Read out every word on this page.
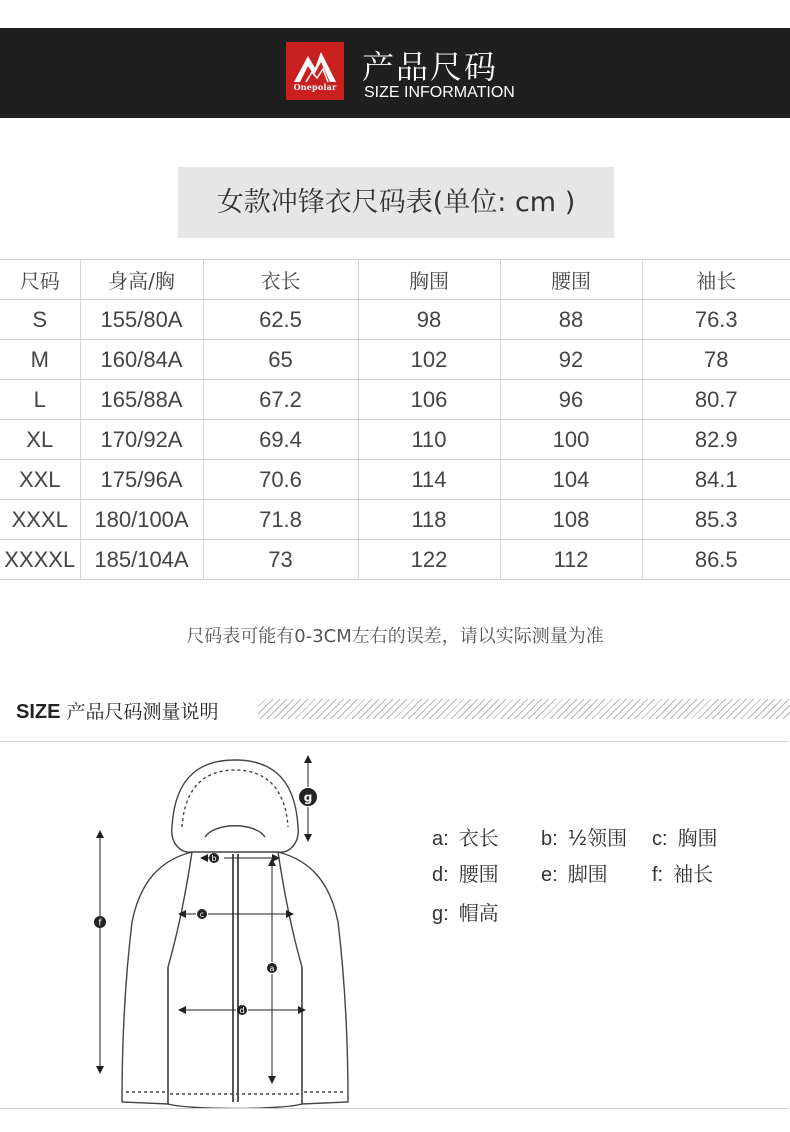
Onepolar
产品尺码
SIZE INFORMATION
女款冲锋衣尺码表(单位: cm )
尺码	身高/胸	衣长	胸围	腰围	袖长
S	155/80A	62.5	98	88	76.3
M	160/84A	65	102	92	78
L	165/88A	67.2	106	96	80.7
XL	170/92A	69.4	110	100	82.9
XXL	175/96A	70.6	114	104	84.1
XXXL	180/100A	71.8	118	108	85.3
XXXXL	185/104A	73	122	112	86.5
尺码表可能有0-3CM左右的误差，请以实际测量为准
SIZE 产品尺码测量说明
f
g
b
c
a
d
a: 衣长 b: ½领围 c: 胸围
d: 腰围 e: 脚围 f: 袖长
g: 帽高
